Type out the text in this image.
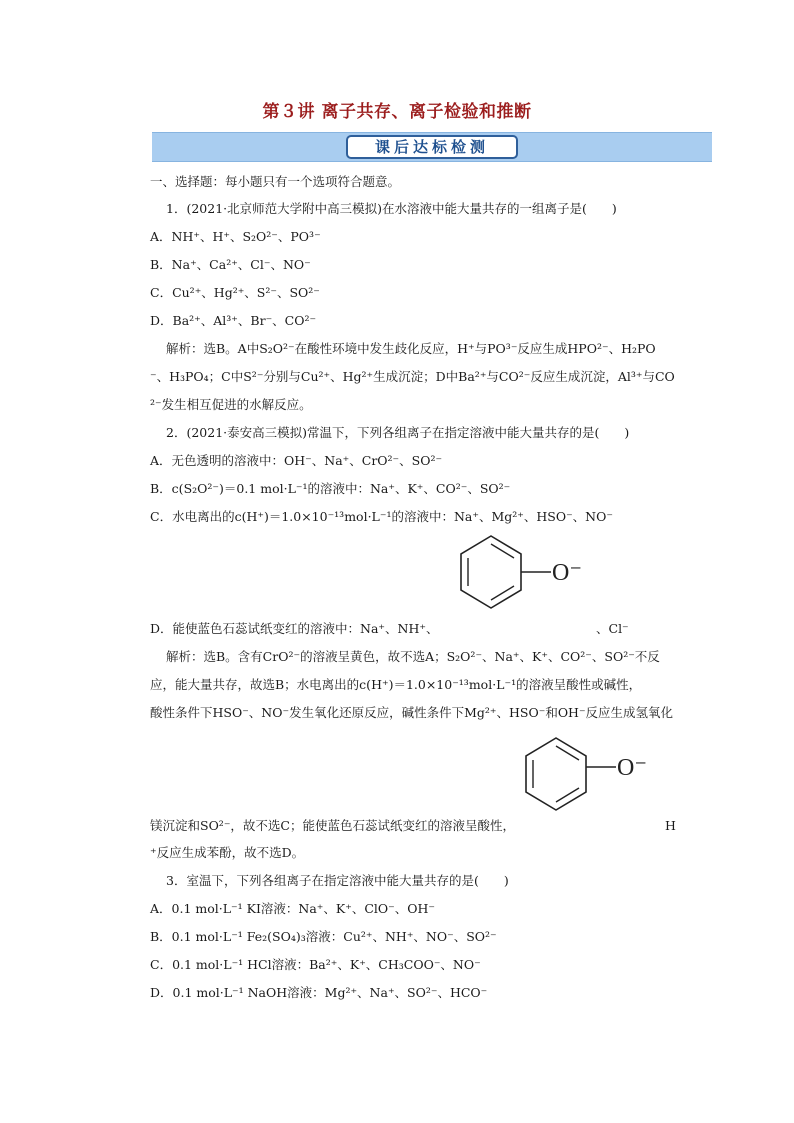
第３讲 离子共存、离子检验和推断
课后达标检测
一、选择题：每小题只有一个选项符合题意。
1．(2021·北京师范大学附中高三模拟)在水溶液中能大量共存的一组离子是(　　)
A．NH⁺、H⁺、S₂O²⁻、PO³⁻
B．Na⁺、Ca²⁺、Cl⁻、NO⁻
C．Cu²⁺、Hg²⁺、S²⁻、SO²⁻
D．Ba²⁺、Al³⁺、Br⁻、CO²⁻
解析：选B。A中S₂O²⁻在酸性环境中发生歧化反应，H⁺与PO³⁻反应生成HPO²⁻、H₂PO
⁻、H₃PO₄；C中S²⁻分别与Cu²⁺、Hg²⁺生成沉淀；D中Ba²⁺与CO²⁻反应生成沉淀，Al³⁺与CO
²⁻发生相互促进的水解反应。
2．(2021·泰安高三模拟)常温下，下列各组离子在指定溶液中能大量共存的是(　　)
A．无色透明的溶液中：OH⁻、Na⁺、CrO²⁻、SO²⁻
B．c(S₂O²⁻)＝0.1 mol·L⁻¹的溶液中：Na⁺、K⁺、CO²⁻、SO²⁻
C．水电离出的c(H⁺)＝1.0×10⁻¹³mol·L⁻¹的溶液中：Na⁺、Mg²⁺、HSO⁻、NO⁻
O⁻
D．能使蓝色石蕊试纸变红的溶液中：Na⁺、NH⁺、	、Cl⁻
解析：选B。含有CrO²⁻的溶液呈黄色，故不选A；S₂O²⁻、Na⁺、K⁺、CO²⁻、SO²⁻不反
应，能大量共存，故选B；水电离出的c(H⁺)＝1.0×10⁻¹³mol·L⁻¹的溶液呈酸性或碱性，
酸性条件下HSO⁻、NO⁻发生氧化还原反应，碱性条件下Mg²⁺、HSO⁻和OH⁻反应生成氢氧化
O⁻
镁沉淀和SO²⁻，故不选C；能使蓝色石蕊试纸变红的溶液呈酸性，	H
⁺反应生成苯酚，故不选D。
3．室温下，下列各组离子在指定溶液中能大量共存的是(　　)
A．0.1 mol·L⁻¹ KI溶液：Na⁺、K⁺、ClO⁻、OH⁻
B．0.1 mol·L⁻¹ Fe₂(SO₄)₃溶液：Cu²⁺、NH⁺、NO⁻、SO²⁻
C．0.1 mol·L⁻¹ HCl溶液：Ba²⁺、K⁺、CH₃COO⁻、NO⁻
D．0.1 mol·L⁻¹ NaOH溶液：Mg²⁺、Na⁺、SO²⁻、HCO⁻
